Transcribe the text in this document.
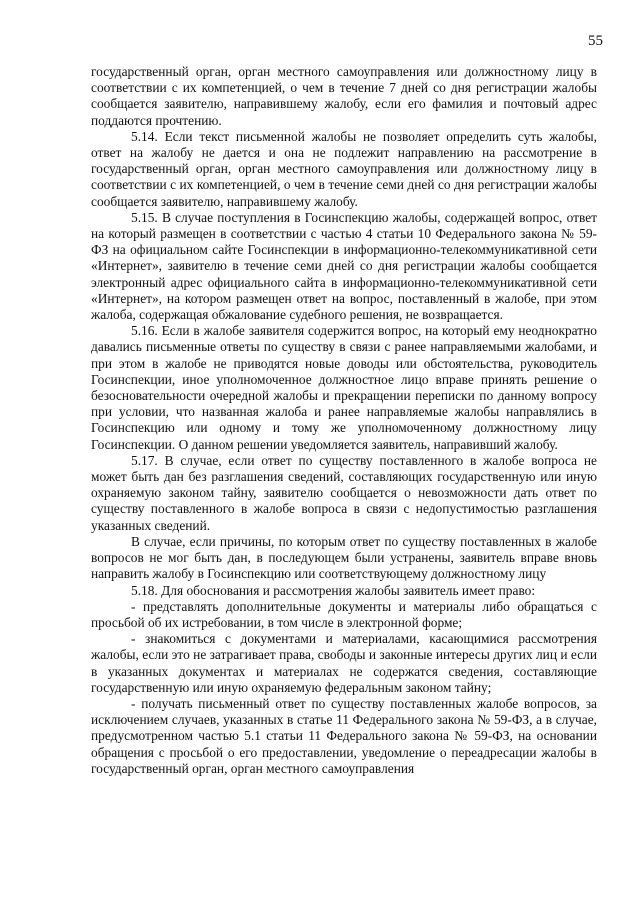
55

государственный орган, орган местного самоуправления или должностному лицу в соответствии с их компетенцией, о чем в течение 7 дней со дня регистрации жалобы сообщается заявителю, направившему жалобу, если его фамилия и почтовый адрес поддаются прочтению.

5.14. Если текст письменной жалобы не позволяет определить суть жалобы, ответ на жалобу не дается и она не подлежит направлению на рассмотрение в государственный орган, орган местного самоуправления или должностному лицу в соответствии с их компетенцией, о чем в течение семи дней со дня регистрации жалобы сообщается заявителю, направившему жалобу.

5.15. В случае поступления в Госинспекцию жалобы, содержащей вопрос, ответ на который размещен в соответствии с частью 4 статьи 10 Федерального закона № 59-ФЗ на официальном сайте Госинспекции в информационно-телекоммуникативной сети «Интернет», заявителю в течение семи дней со дня регистрации жалобы сообщается электронный адрес официального сайта в информационно-телекоммуникативной сети «Интернет», на котором размещен ответ на вопрос, поставленный в жалобе, при этом жалоба, содержащая обжалование судебного решения, не возвращается.

5.16. Если в жалобе заявителя содержится вопрос, на который ему неоднократно давались письменные ответы по существу в связи с ранее направляемыми жалобами, и при этом в жалобе не приводятся новые доводы или обстоятельства, руководитель Госинспекции, иное уполномоченное должностное лицо вправе принять решение о безосновательности очередной жалобы и прекращении переписки по данному вопросу при условии, что названная жалоба и ранее направляемые жалобы направлялись в Госинспекцию или одному и тому же уполномоченному должностному лицу Госинспекции. О данном решении уведомляется заявитель, направивший жалобу.

5.17. В случае, если ответ по существу поставленного в жалобе вопроса не может быть дан без разглашения сведений, составляющих государственную или иную охраняемую законом тайну, заявителю сообщается о невозможности дать ответ по существу поставленного в жалобе вопроса в связи с недопустимостью разглашения указанных сведений.

В случае, если причины, по которым ответ по существу поставленных в жалобе вопросов не мог быть дан, в последующем были устранены, заявитель вправе вновь направить жалобу в Госинспекцию или соответствующему должностному лицу

5.18. Для обоснования и рассмотрения жалобы заявитель имеет право:

- представлять дополнительные документы и материалы либо обращаться с просьбой об их истребовании, в том числе в электронной форме;

- знакомиться с документами и материалами, касающимися рассмотрения жалобы, если это не затрагивает права, свободы и законные интересы других лиц и если в указанных документах и материалах не содержатся сведения, составляющие государственную или иную охраняемую федеральным законом тайну;

- получать письменный ответ по существу поставленных жалобе вопросов, за исключением случаев, указанных в статье 11 Федерального закона № 59-ФЗ, а в случае, предусмотренном частью 5.1 статьи 11 Федерального закона № 59-ФЗ, на основании обращения с просьбой о его предоставлении, уведомление о переадресации жалобы в государственный орган, орган местного самоуправления
